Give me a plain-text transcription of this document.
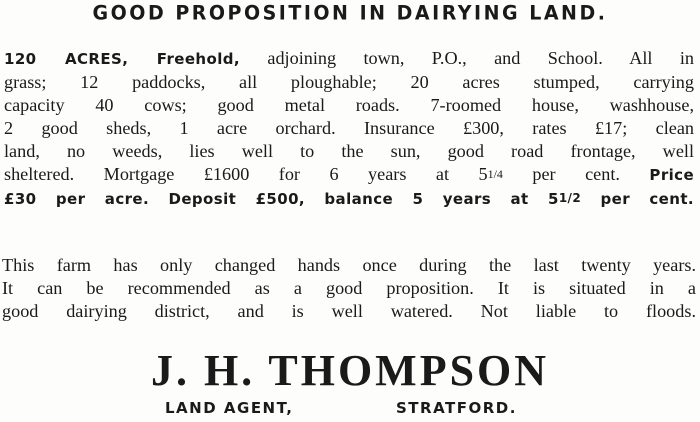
GOOD PROPOSITION IN DAIRYING LAND.
120 ACRES, Freehold, adjoining town, P.O., and School. All in
grass; 12 paddocks, all ploughable; 20 acres stumped, carrying
capacity 40 cows; good metal roads. 7-roomed house, washhouse,
2 good sheds, 1 acre orchard. Insurance £300, rates £17; clean
land, no weeds, lies well to the sun, good road frontage, well
sheltered. Mortgage £1600 for 6 years at 51/4 per cent. Price
£30 per acre. Deposit £500, balance 5 years at 51/2 per cent.
This farm has only changed hands once during the last twenty years.
It can be recommended as a good proposition. It is situated in a
good dairying district, and is well watered. Not liable to floods.
J. H. THOMPSON
LAND AGENT,	STRATFORD.
